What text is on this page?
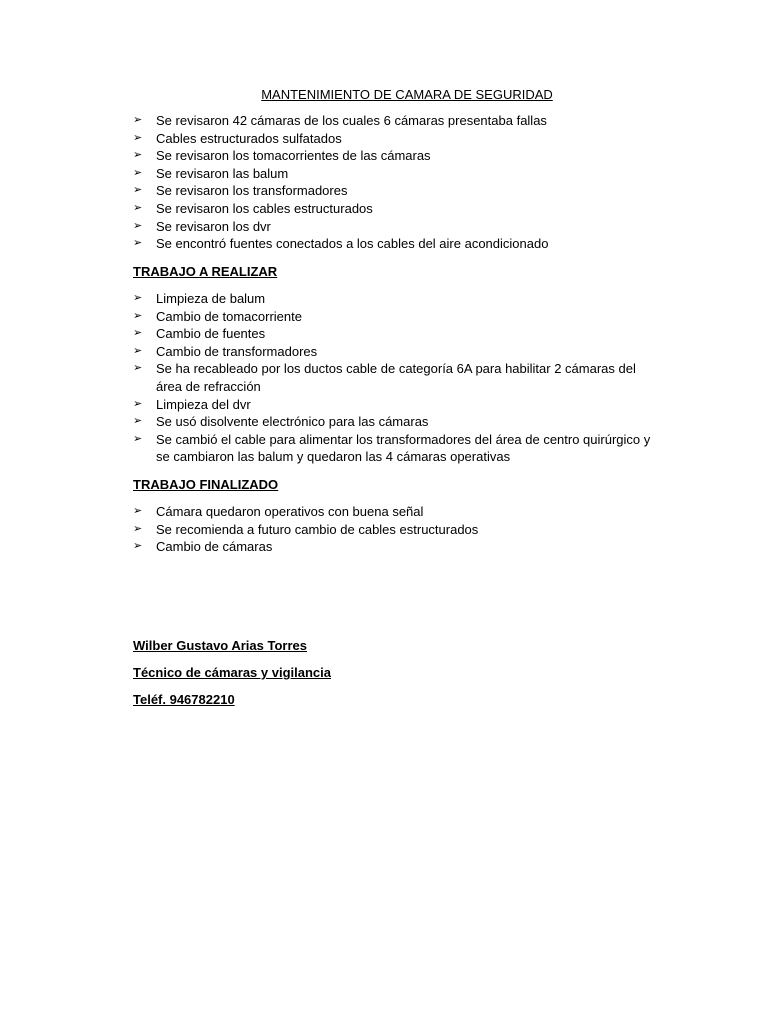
MANTENIMIENTO DE CAMARA DE SEGURIDAD
➢ Se revisaron 42 cámaras de los cuales 6 cámaras presentaba fallas
➢ Cables estructurados sulfatados
➢ Se revisaron los tomacorrientes de las cámaras
➢ Se revisaron las balum
➢ Se revisaron los transformadores
➢ Se revisaron los cables estructurados
➢ Se revisaron los dvr
➢ Se encontró fuentes conectados a los cables del aire acondicionado
TRABAJO A REALIZAR
➢ Limpieza de balum
➢ Cambio de tomacorriente
➢ Cambio de fuentes
➢ Cambio de transformadores
➢ Se ha recableado por los ductos cable de categoría 6A para habilitar 2 cámaras del
área de refracción
➢ Limpieza del dvr
➢ Se usó disolvente electrónico para las cámaras
➢ Se cambió el cable para alimentar los transformadores del área de centro quirúrgico y
se cambiaron las balum y quedaron las 4 cámaras operativas
TRABAJO FINALIZADO
➢ Cámara quedaron operativos con buena señal
➢ Se recomienda a futuro cambio de cables estructurados
➢ Cambio de cámaras
Wilber Gustavo Arias Torres
Técnico de cámaras y vigilancia
Teléf. 946782210
